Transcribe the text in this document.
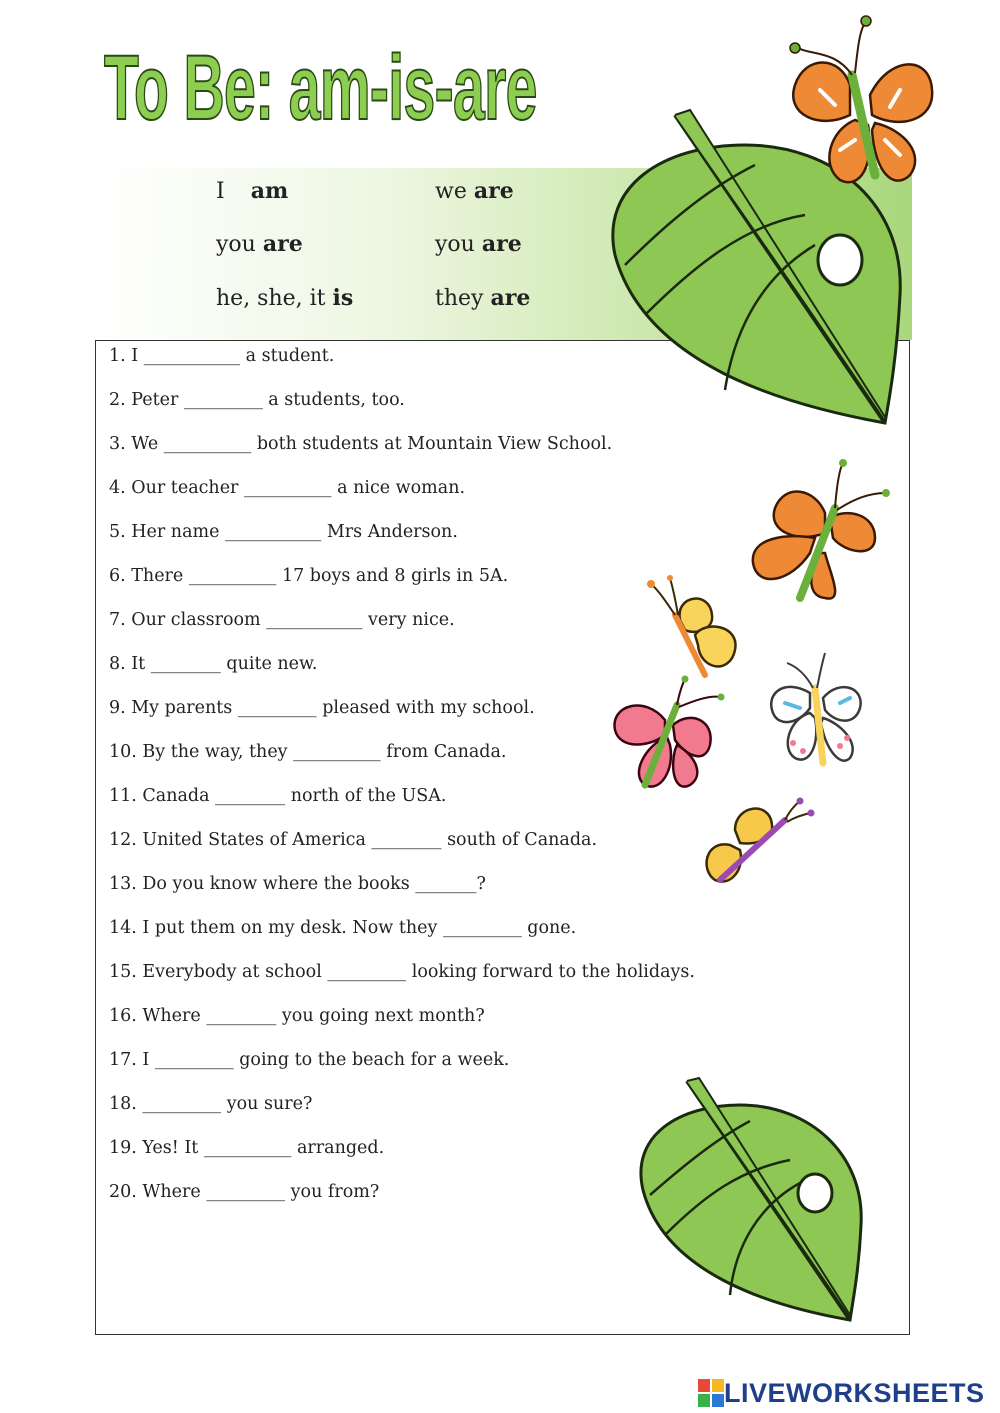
To Be: am-is-are
I am
you are
he, she, it is
we are
you are
they are
1. I ___________ a student.
2. Peter _________ a students, too.
3. We __________ both students at Mountain View School.
4. Our teacher __________ a nice woman.
5. Her name ___________ Mrs Anderson.
6. There __________ 17 boys and 8 girls in 5A.
7. Our classroom ___________ very nice.
8. It ________ quite new.
9. My parents _________ pleased with my school.
10. By the way, they __________ from Canada.
11. Canada ________ north of the USA.
12. United States of America ________ south of Canada.
13. Do you know where the books _______?
14. I put them on my desk. Now they _________ gone.
15. Everybody at school _________ looking forward to the holidays.
16. Where ________ you going next month?
17. I _________ going to the beach for a week.
18. _________ you sure?
19. Yes! It __________ arranged.
20. Where _________ you from?
LIVEWORKSHEETS
